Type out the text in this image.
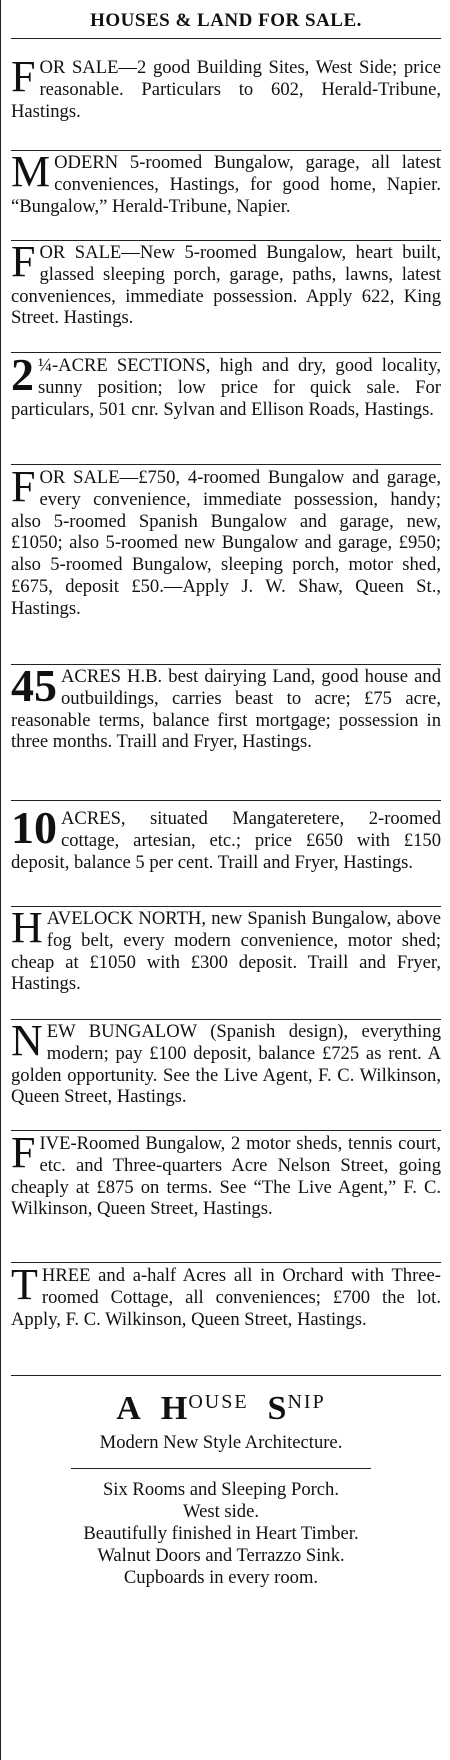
HOUSES & LAND FOR SALE.
FOR SALE—2 good Building Sites, West Side; price reasonable. Particulars to 602, Herald-Tribune, Hastings.
MODERN 5-roomed Bungalow, garage, all latest conveniences, Hastings, for good home, Napier. “Bungalow,” Herald-Tribune, Napier.
FOR SALE—New 5-roomed Bungalow, heart built, glassed sleeping porch, garage, paths, lawns, latest conveniences, immediate possession. Apply 622, King Street. Hastings.
2 ¼-ACRE SECTIONS, high and dry, good locality, sunny position; low price for quick sale. For particulars, 501 cnr. Sylvan and Ellison Roads, Hastings.
FOR SALE—£750, 4-roomed Bungalow and garage, every convenience, immediate possession, handy; also 5-roomed Spanish Bungalow and garage, new, £1050; also 5-roomed new Bungalow and garage, £950; also 5-roomed Bungalow, sleeping porch, motor shed, £675, deposit £50.—Apply J. W. Shaw, Queen St., Hastings.
45 ACRES H.B. best dairying Land, good house and outbuildings, carries beast to acre; £75 acre, reasonable terms, balance first mortgage; possession in three months. Traill and Fryer, Hastings.
10 ACRES, situated Mangateretere, 2-roomed cottage, artesian, etc.; price £650 with £150 deposit, balance 5 per cent. Traill and Fryer, Hastings.
HAVELOCK NORTH, new Spanish Bungalow, above fog belt, every modern convenience, motor shed; cheap at £1050 with £300 deposit. Traill and Fryer, Hastings.
NEW BUNGALOW (Spanish design), everything modern; pay £100 deposit, balance £725 as rent. A golden opportunity. See the Live Agent, F. C. Wilkinson, Queen Street, Hastings.
FIVE-Roomed Bungalow, 2 motor sheds, tennis court, etc. and Three-quarters Acre Nelson Street, going cheaply at £875 on terms. See “The Live Agent,” F. C. Wilkinson, Queen Street, Hastings.
THREE and a-half Acres all in Orchard with Three-roomed Cottage, all conveniences; £700 the lot. Apply, F. C. Wilkinson, Queen Street, Hastings.
A $H^{OUSE}$ $S^{NIP}$
Modern New Style Architecture.
Six Rooms and Sleeping Porch.
West side.
Beautifully finished in Heart Timber.
Walnut Doors and Terrazzo Sink.
Cupboards in every room.
